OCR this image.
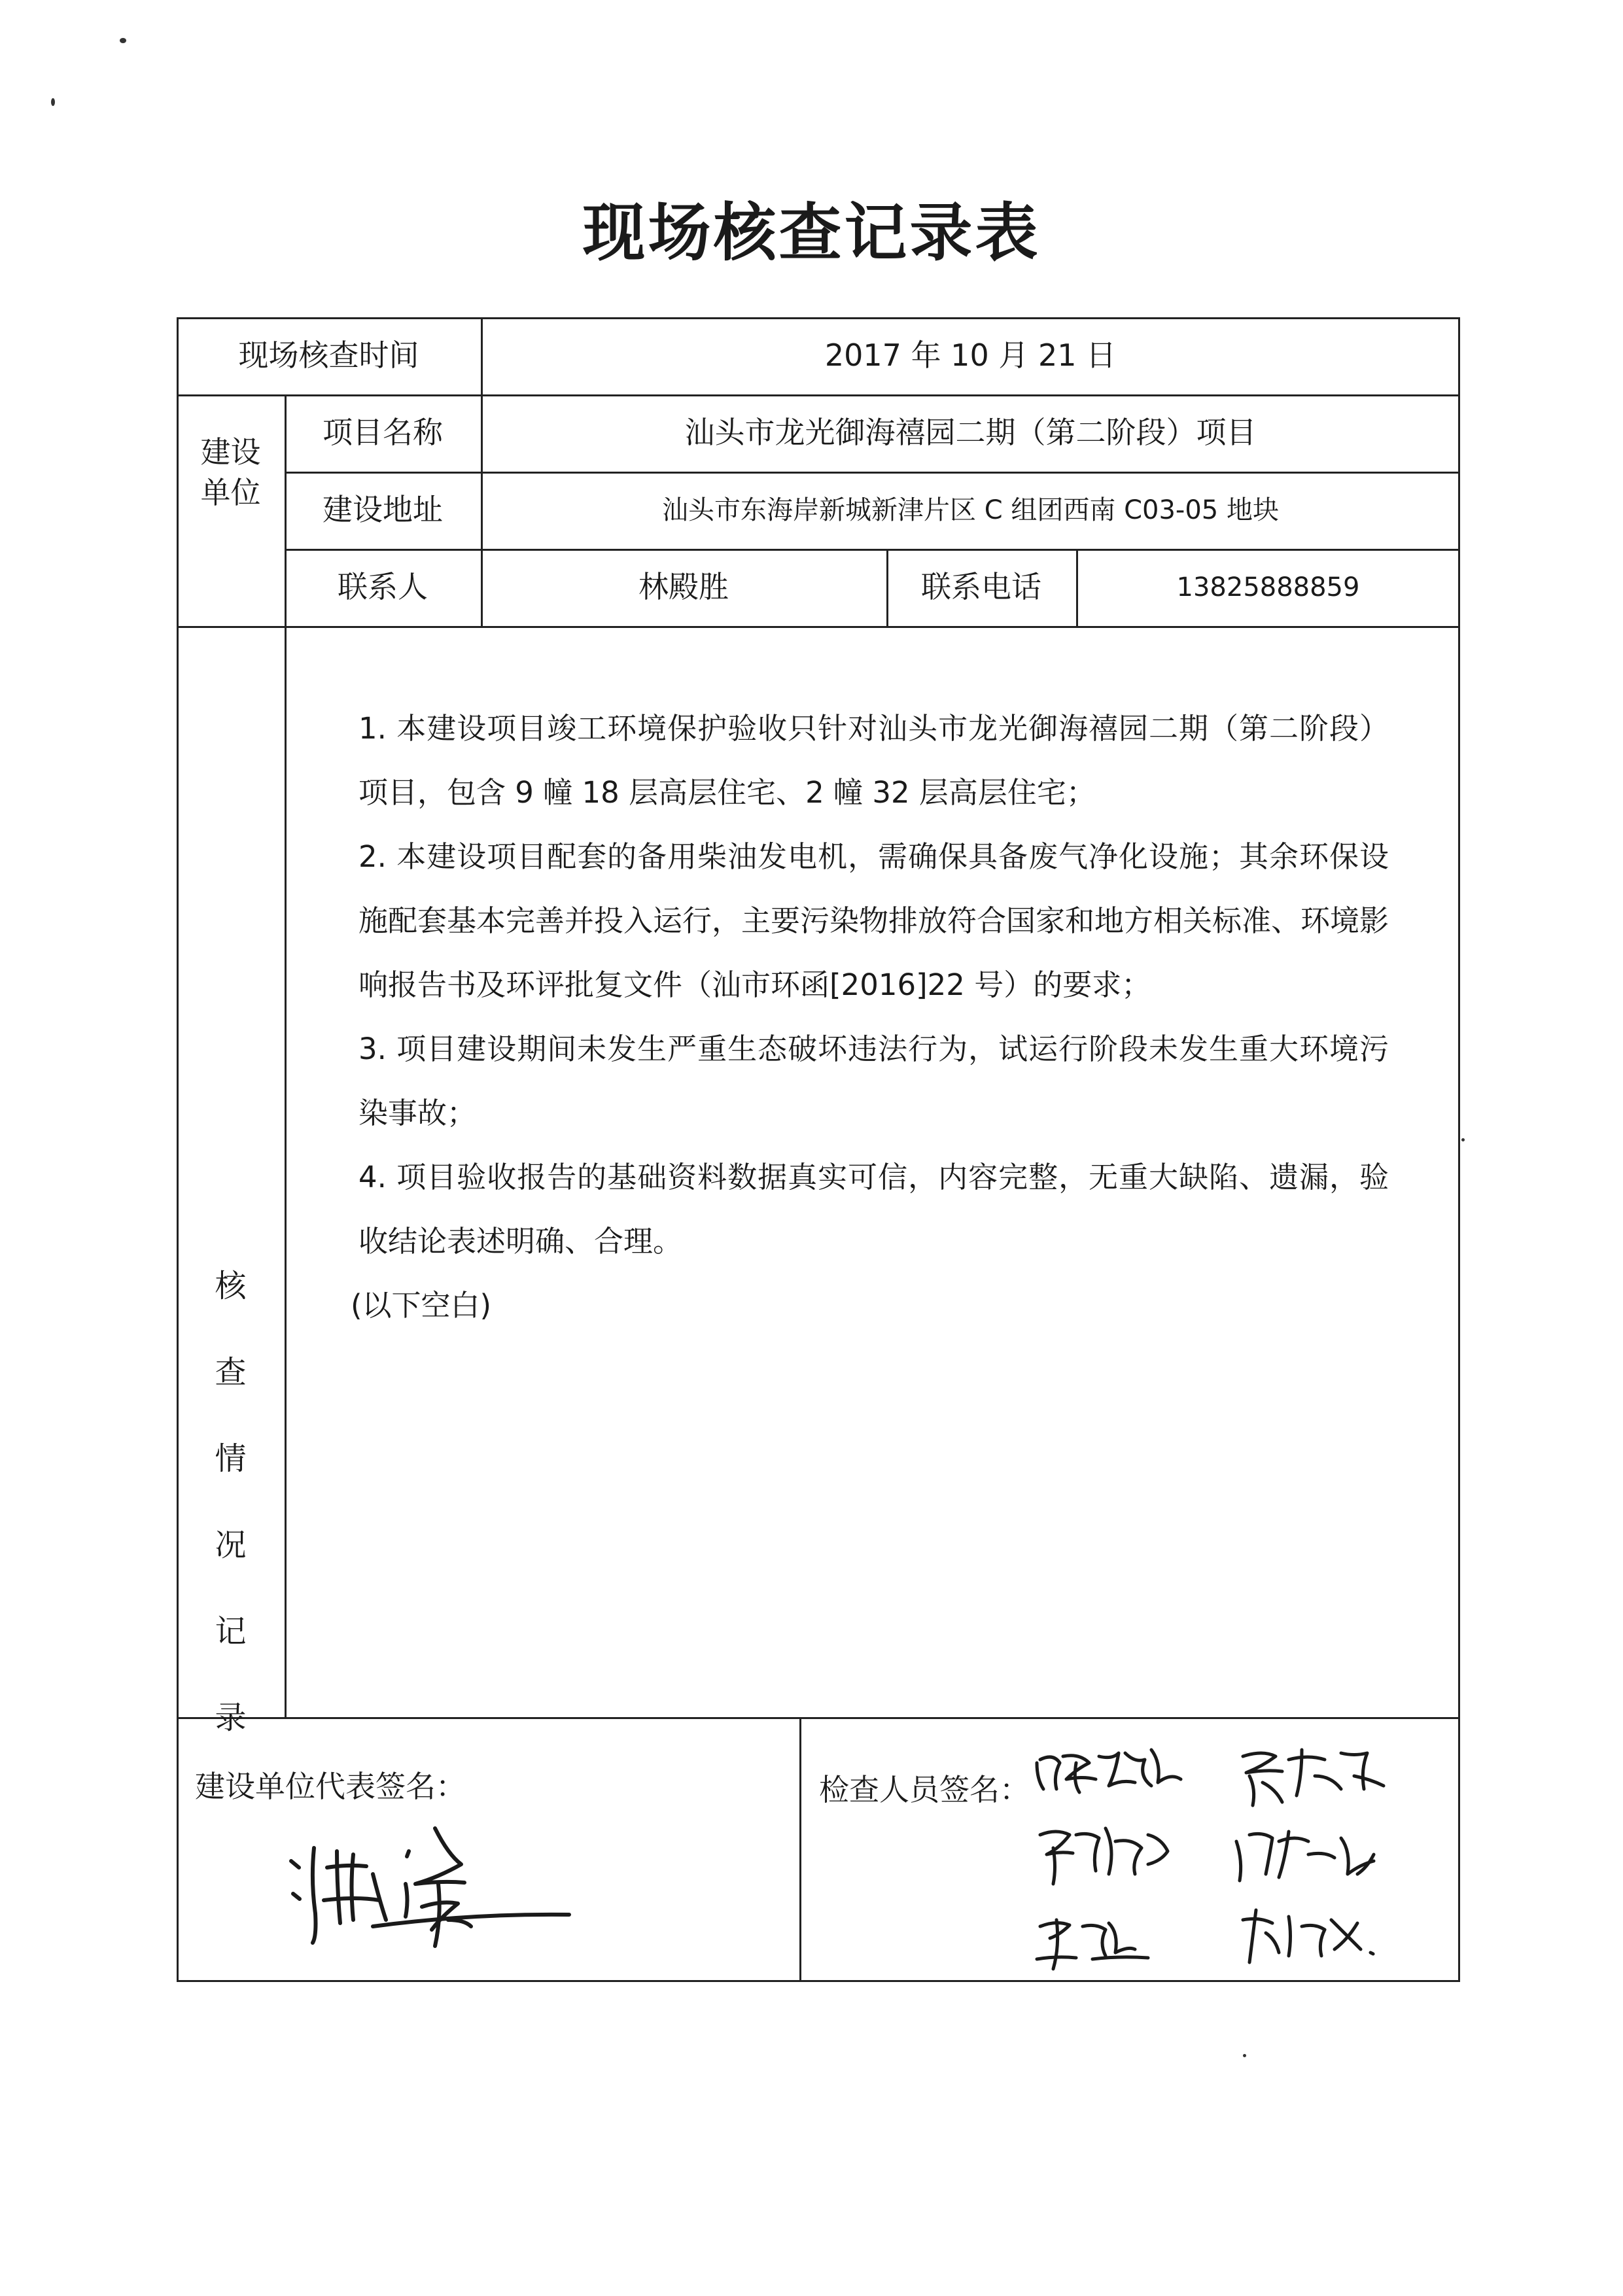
现场核查记录表
现场核查时间	2017 年 10 月 21 日
建设
单位
项目名称	汕头市龙光御海禧园二期（第二阶段）项目
建设地址	汕头市东海岸新城新津片区 C 组团西南 C03-05 地块
联系人	林殿胜	联系电话	13825888859
核
查
情
况
记
录

1. 本建设项目竣工环境保护验收只针对汕头市龙光御海禧园二期（第二阶段）项目，包含 9 幢 18 层高层住宅、2 幢 32 层高层住宅；

2. 本建设项目配套的备用柴油发电机，需确保具备废气净化设施；其余环保设施配套基本完善并投入运行，主要污染物排放符合国家和地方相关标准、环境影响报告书及环评批复文件（汕市环函[2016]22 号）的要求；

3. 项目建设期间未发生严重生态破坏违法行为，试运行阶段未发生重大环境污染事故；

4. 项目验收报告的基础资料数据真实可信，内容完整，无重大缺陷、遗漏，验收结论表述明确、合理。

(以下空白)

建设单位代表签名：	检查人员签名：
